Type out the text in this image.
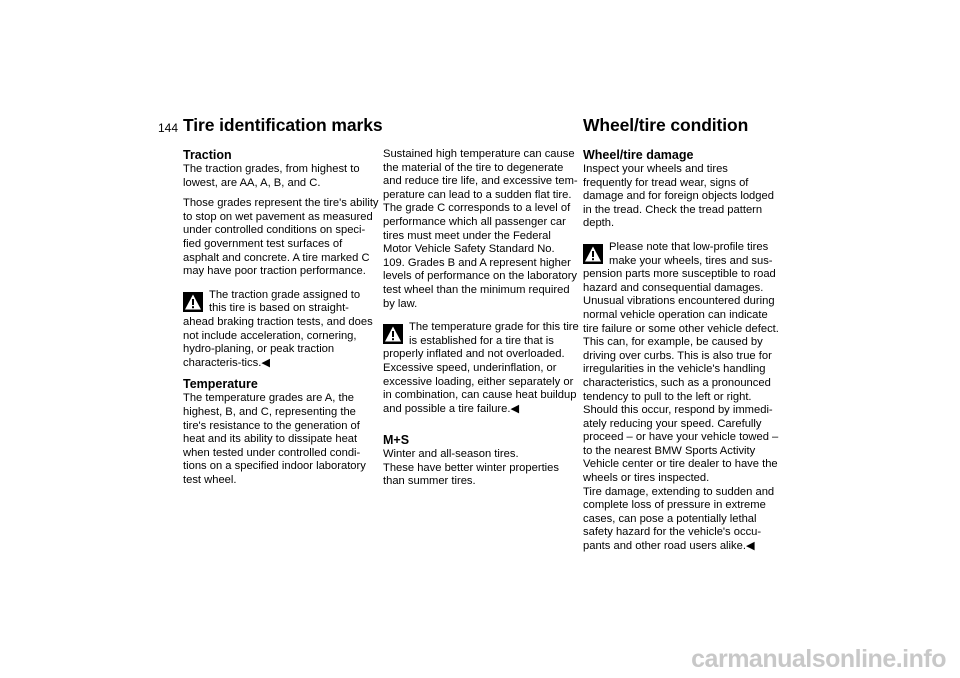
144 Tire identification marks	Wheel/tire condition
Traction

The traction grades, from highest to lowest, are AA, A, B, and C.

Those grades represent the tire's ability to stop on wet pavement as measured under controlled conditions on speci-fied government test surfaces of asphalt and concrete. A tire marked C may have poor traction performance.

The traction grade assigned to this tire is based on straight-ahead braking traction tests, and does not include acceleration, cornering, hydro-planing, or peak traction characteris-tics.◀
Temperature

The temperature grades are A, the highest, B, and C, representing the tire's resistance to the generation of heat and its ability to dissipate heat when tested under controlled condi-tions on a specified indoor laboratory test wheel.

Sustained high temperature can cause the material of the tire to degenerate and reduce tire life, and excessive tem-perature can lead to a sudden flat tire. The grade C corresponds to a level of performance which all passenger car tires must meet under the Federal Motor Vehicle Safety Standard No. 109. Grades B and A represent higher levels of performance on the laboratory test wheel than the minimum required by law.

The temperature grade for this tire is established for a tire that is properly inflated and not overloaded. Excessive speed, underinflation, or excessive loading, either separately or in combination, can cause heat buildup and possible a tire failure.◀
M+S
Winter and all-season tires.
These have better winter properties than summer tires.
Wheel/tire damage

Inspect your wheels and tires frequently for tread wear, signs of damage and for foreign objects lodged in the tread. Check the tread pattern depth.

Please note that low-profile tires make your wheels, tires and sus-pension parts more susceptible to road hazard and consequential damages. Unusual vibrations encountered during normal vehicle operation can indicate tire failure or some other vehicle defect. This can, for example, be caused by driving over curbs. This is also true for irregularities in the vehicle's handling characteristics, such as a pronounced tendency to pull to the left or right. Should this occur, respond by immedi-ately reducing your speed. Carefully proceed – or have your vehicle towed – to the nearest BMW Sports Activity Vehicle center or tire dealer to have the wheels or tires inspected.
Tire damage, extending to sudden and complete loss of pressure in extreme cases, can pose a potentially lethal safety hazard for the vehicle's occu-pants and other road users alike.◀
carmanualsonline.info
